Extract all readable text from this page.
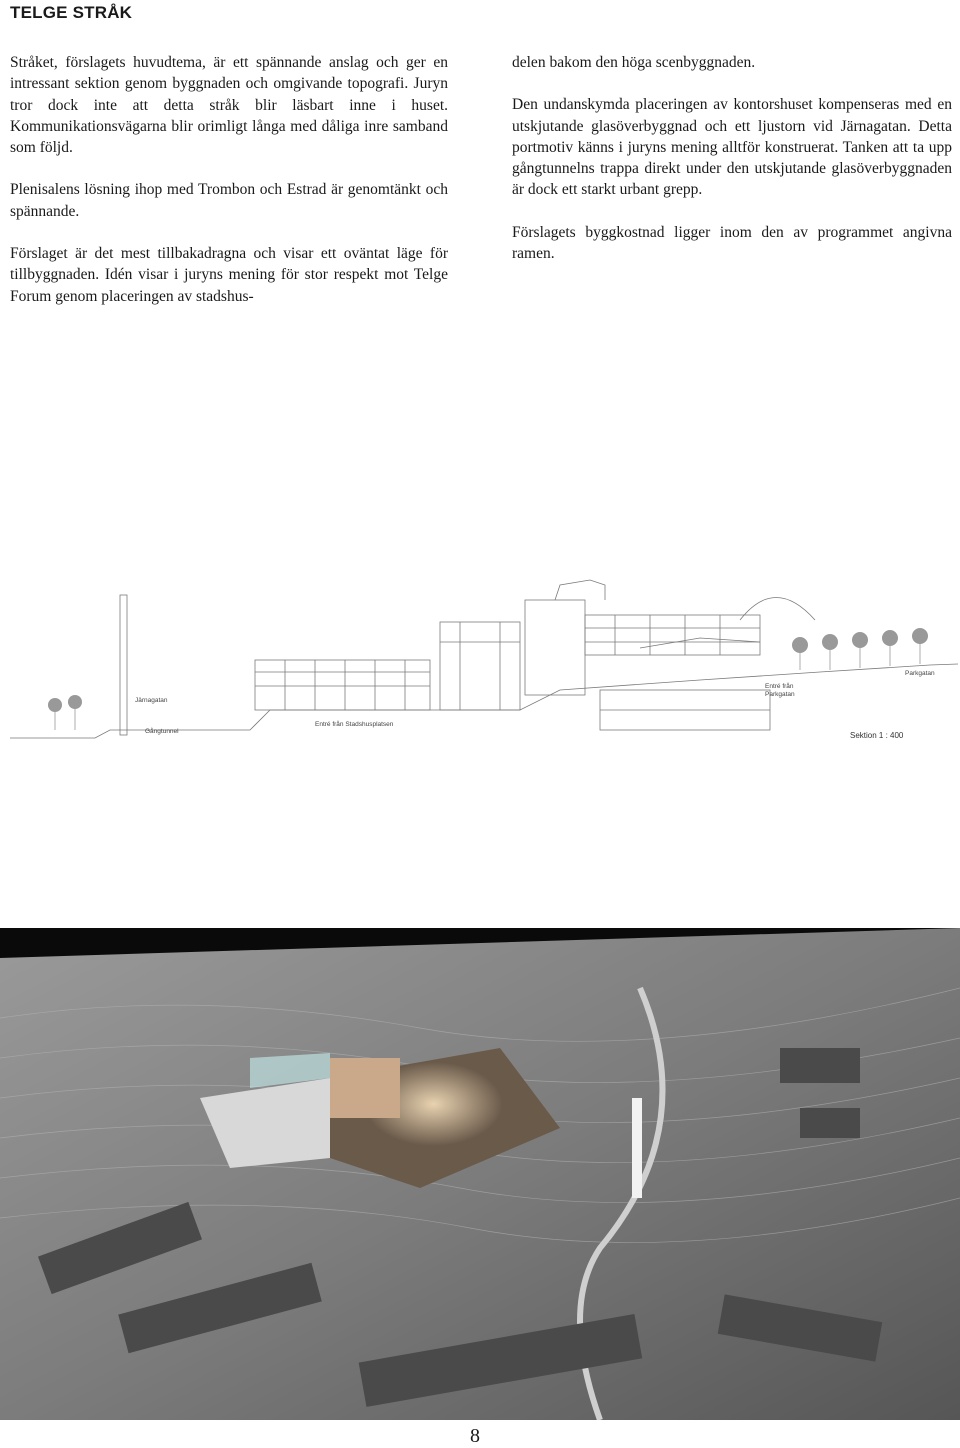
TELGE STRÅK

Stråket, förslagets huvudtema, är ett spännande anslag och ger en intressant sektion genom byggnaden och omgivande topografi. Juryn tror dock inte att detta stråk blir läsbart inne i huset. Kommunikationsvägarna blir orimligt långa med dåliga inre samband som följd.

Plenisalens lösning ihop med Trombon och Estrad är genomtänkt och spännande.

Förslaget är det mest tillbakadragna och visar ett oväntat läge för tillbyggnaden. Idén visar i juryns mening för stor respekt mot Telge Forum genom placeringen av stadshus-

delen bakom den höga scenbyggnaden.

Den undanskymda placeringen av kontorshuset kompenseras med en utskjutande glasöverbyggnad och ett ljustorn vid Järnagatan. Detta portmotiv känns i juryns mening alltför konstruerat. Tanken att ta upp gångtunnelns trappa direkt under den utskjutande glasöverbyggnaden är dock ett starkt urbant grepp.

Förslagets byggkostnad ligger inom den av programmet angivna ramen.

Järnagatan
Gångtunnel
Entré från Stadshusplatsen
Entré från
Parkgatan
Parkgatan
Sektion 1 : 400
8
